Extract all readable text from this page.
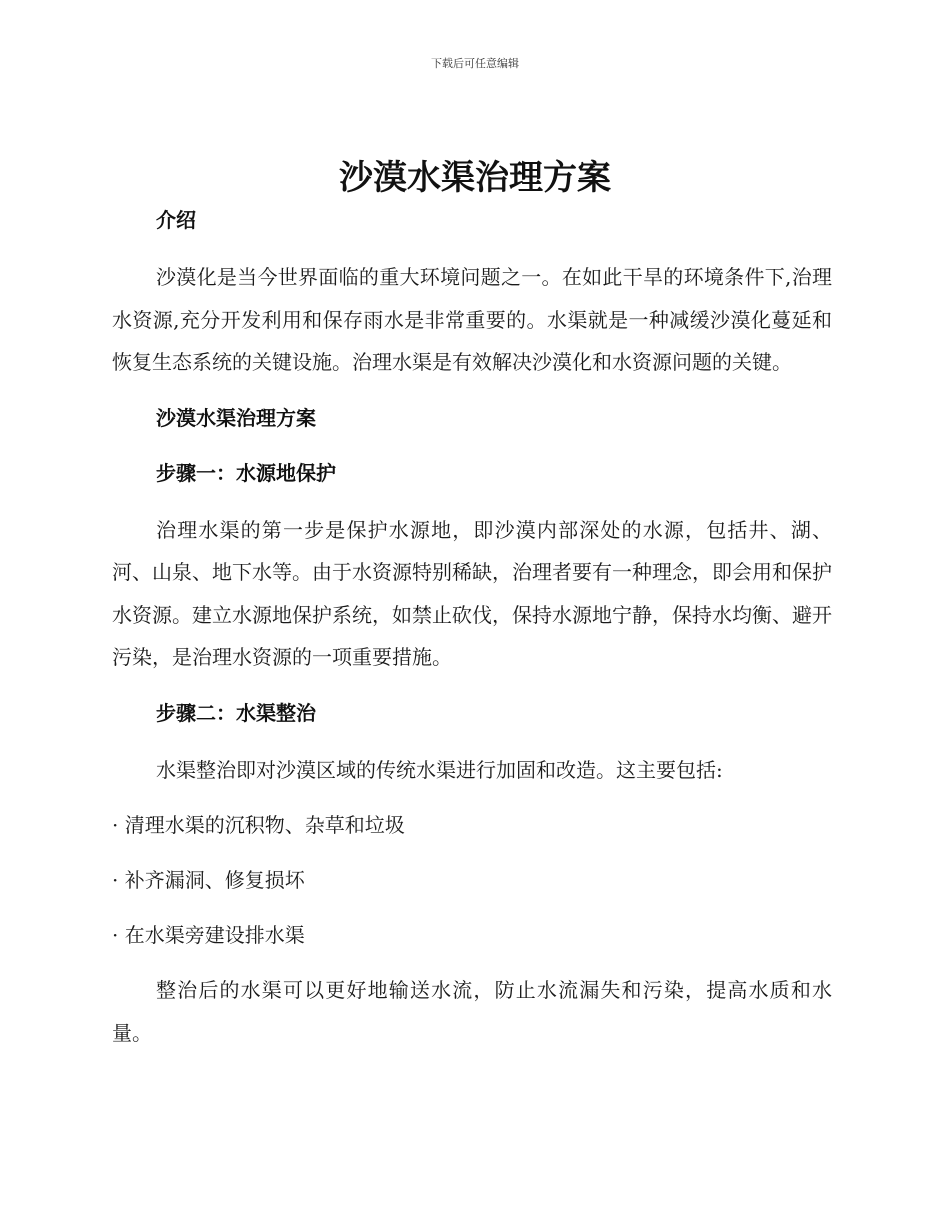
下载后可任意编辑
沙漠水渠治理方案

介绍

沙漠化是当今世界面临的重大环境问题之一。在如此干旱的环境条件下,治理水资源,充分开发利用和保存雨水是非常重要的。水渠就是一种减缓沙漠化蔓延和恢复生态系统的关键设施。治理水渠是有效解决沙漠化和水资源问题的关键。

沙漠水渠治理方案

步骤一：水源地保护

治理水渠的第一步是保护水源地，即沙漠内部深处的水源，包括井、湖、河、山泉、地下水等。由于水资源特别稀缺，治理者要有一种理念，即会用和保护水资源。建立水源地保护系统，如禁止砍伐，保持水源地宁静，保持水均衡、避开污染，是治理水资源的一项重要措施。

步骤二：水渠整治

水渠整治即对沙漠区域的传统水渠进行加固和改造。这主要包括:

· 清理水渠的沉积物、杂草和垃圾

· 补齐漏洞、修复损坏

· 在水渠旁建设排水渠

整治后的水渠可以更好地输送水流，防止水流漏失和污染，提高水质和水量。
